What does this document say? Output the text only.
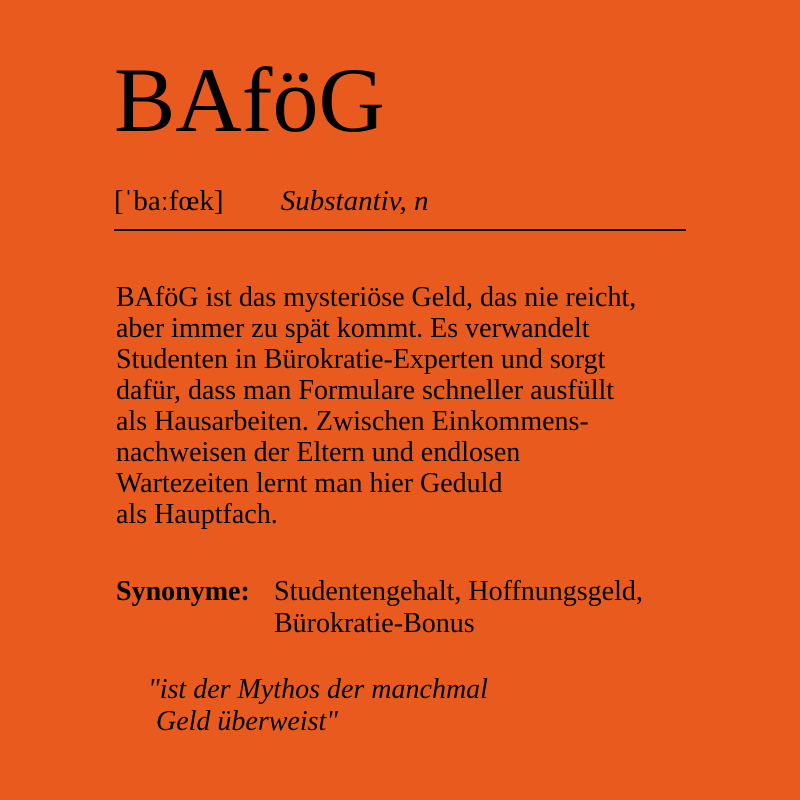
BAföG
[ˈbaːfœk] Substantiv, n
BAföG ist das mysteriöse Geld, das nie reicht,
aber immer zu spät kommt. Es verwandelt
Studenten in Bürokratie-Experten und sorgt
dafür, dass man Formulare schneller ausfüllt
als Hausarbeiten. Zwischen Einkommens-
nachweisen der Eltern und endlosen
Wartezeiten lernt man hier Geduld
als Hauptfach.
Synonyme: Studentengehalt, Hoffnungsgeld,
Bürokratie-Bonus
"ist der Mythos der manchmal
Geld überweist"
